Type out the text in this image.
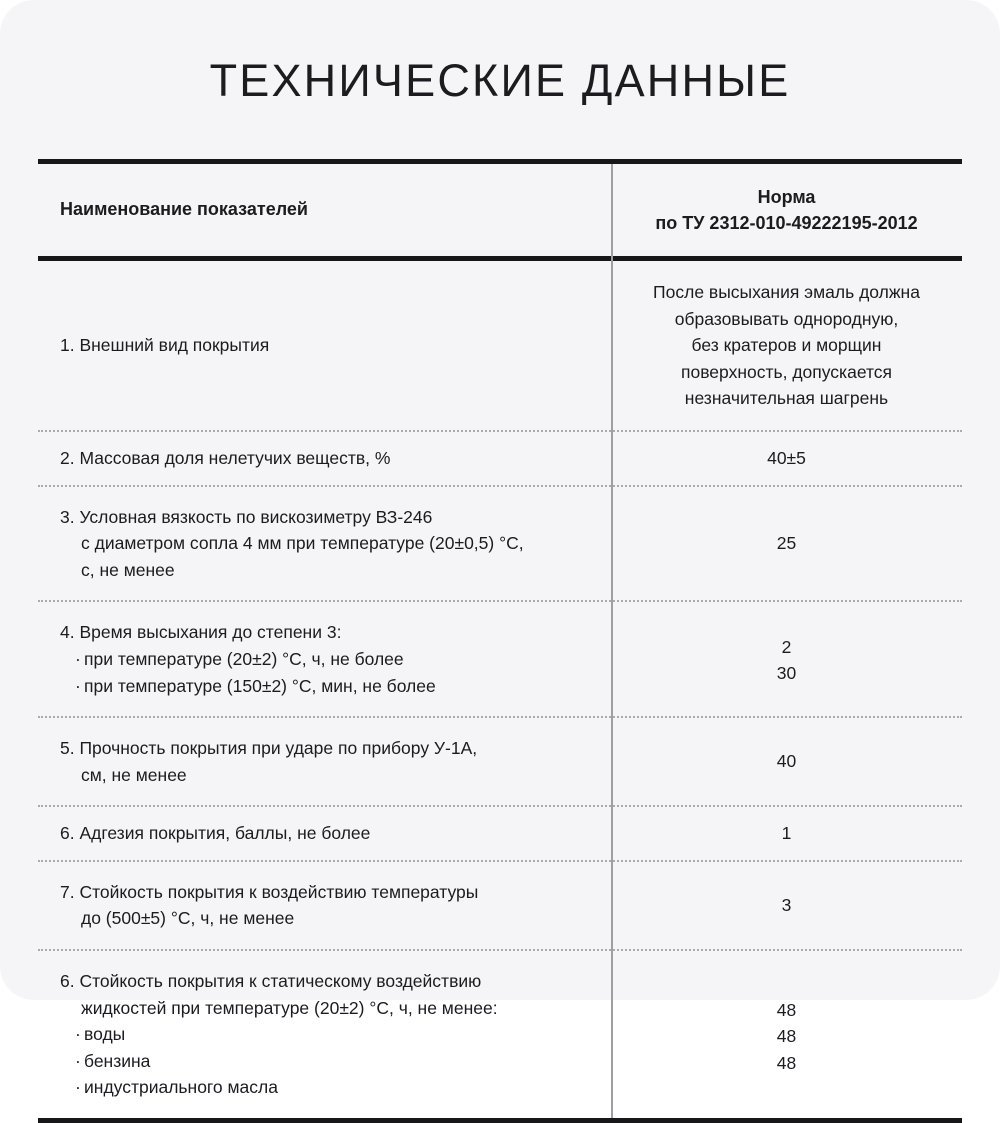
ТЕХНИЧЕСКИЕ ДАННЫЕ
Наименование показателей
Норма
по ТУ 2312-010-49222195-2012
1. Внешний вид покрытия
После высыхания эмаль должна
образовывать однородную,
без кратеров и морщин
поверхность, допускается
незначительная шагрень
2. Массовая доля нелетучих веществ, %	40±5
3. Условная вязкость по вискозиметру ВЗ-246
с диаметром сопла 4 мм при температуре (20±0,5) °С,
с, не менее
25
4. Время высыхания до степени 3:
· при температуре (20±2) °С, ч, не более
· при температуре (150±2) °С, мин, не более
2
30
5. Прочность покрытия при ударе по прибору У-1А,
см, не менее
40
6. Адгезия покрытия, баллы, не более	1
7. Стойкость покрытия к воздействию температуры
до (500±5) °С, ч, не менее
3
6. Стойкость покрытия к статическому воздействию
жидкостей при температуре (20±2) °С, ч, не менее:
· воды
· бензина
· индустриального масла
48
48
48
